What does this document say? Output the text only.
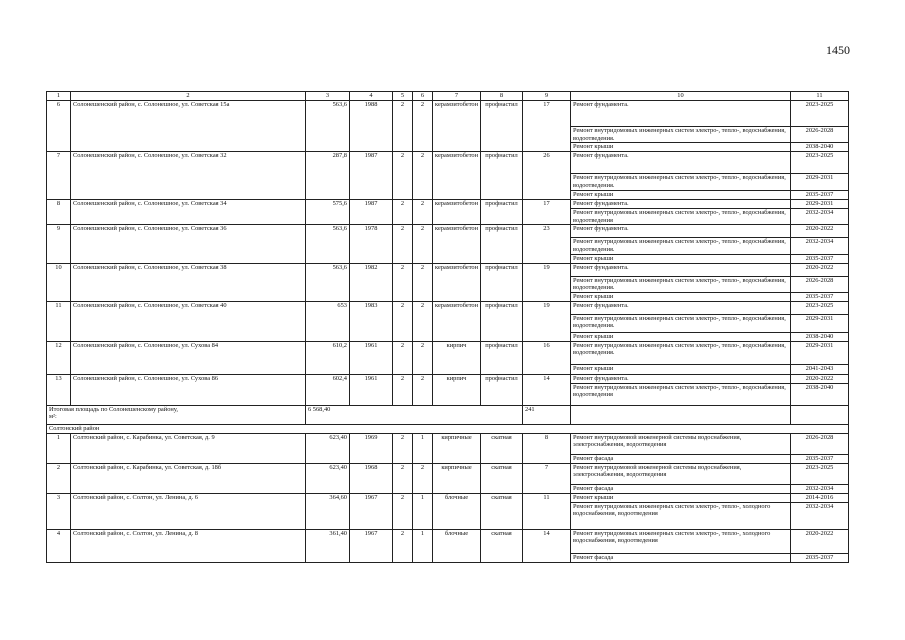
1450
1	2	3	4	5	6	7	8	9	10	11
6	Солонешенский район, с. Солонешное, ул. Советская 15а	563,6	1988	2	2	керамзитобетон	профнастил	17	Ремонт фундамента.	2023-2025
									Ремонт внутридомовых инженерных систем электро-, тепло-, водоснабжения, водоотведения.	2026-2028
									Ремонт крыши	2038-2040
7	Солонешенский район, с. Солонешное, ул. Советская 32	287,8	1987	2	2	керамзитобетон	профнастил	26	Ремонт фундамента.	2023-2025
									Ремонт внутридомовых инженерных систем электро-, тепло-, водоснабжения, водоотведения.	2029-2031
									Ремонт крыши	2035-2037
8	Солонешенский район, с. Солонешное, ул. Советская 34	575,6	1987	2	2	керамзитобетон	профнастил	17	Ремонт фундамента.	2029-2031
									Ремонт внутридомовых инженерных систем электро-, тепло-, водоснабжения, водоотведения	2032-2034
9	Солонешенский район, с. Солонешное, ул. Советская 36	563,6	1978	2	2	керамзитобетон	профнастил	23	Ремонт фундамента.	2020-2022
									Ремонт внутридомовых инженерных систем электро-, тепло-, водоснабжения, водоотведения.	2032-2034
									Ремонт крыши	2035-2037
10	Солонешенский район, с. Солонешное, ул. Советская 38	563,6	1982	2	2	керамзитобетон	профнастил	19	Ремонт фундамента.	2020-2022
									Ремонт внутридомовых инженерных систем электро-, тепло-, водоснабжения, водоотведения.	2026-2028
									Ремонт крыши	2035-2037
11	Солонешенский район, с. Солонешное, ул. Советская 40	653	1983	2	2	керамзитобетон	профнастил	19	Ремонт фундамента.	2023-2025
									Ремонт внутридомовых инженерных систем электро-, тепло-, водоснабжения, водоотведения.	2029-2031
									Ремонт крыши	2038-2040
12	Солонешенский район, с. Солонешное, ул. Сухова 84	610,2	1961	2	2	кирпич	профнастил	16	Ремонт внутридомовых инженерных систем электро-, тепло-, водоснабжения, водоотведения.	2029-2031
									Ремонт крыши	2041-2043
13	Солонешенский район, с. Солонешное, ул. Сухова 86	602,4	1961	2	2	кирпич	профнастил	14	Ремонт фундамента.	2020-2022
									Ремонт внутридомовых инженерных систем электро-, тепло-, водоснабжения, водоотведения	2038-2040
Итоговая площадь по Солонешенскому району, м²:		6 568,40						241		
Солтонский район										
1	Солтонский район, с. Карабинка, ул. Советская, д. 9	623,40	1969	2	1	кирпичные	скатная	8	Ремонт внутридомовой инженерной системы водоснабжения, электроснабжения, водоотведения	2026-2028
									Ремонт фасада	2035-2037
2	Солтонский район, с. Карабинка, ул. Советская, д. 18б	623,40	1968	2	2	кирпичные	скатная	7	Ремонт внутридомовой инженерной системы водоснабжения, электроснабжения, водоотведения	2023-2025
									Ремонт фасада	2032-2034
3	Солтонский район, с. Солтон, ул. Ленина, д. 6	364,60	1967	2	1	блочные	скатная	11	Ремонт крыши	2014-2016
									Ремонт внутридомовых инженерных систем электро-, тепло-, холодного водоснабжения, водоотведения	2032-2034
4	Солтонский район, с. Солтон, ул. Ленина, д. 8	361,40	1967	2	1	блочные	скатная	14	Ремонт внутридомовых инженерных систем электро-, тепло-, холодного водоснабжения, водоотведения	2020-2022
									Ремонт фасада	2035-2037
